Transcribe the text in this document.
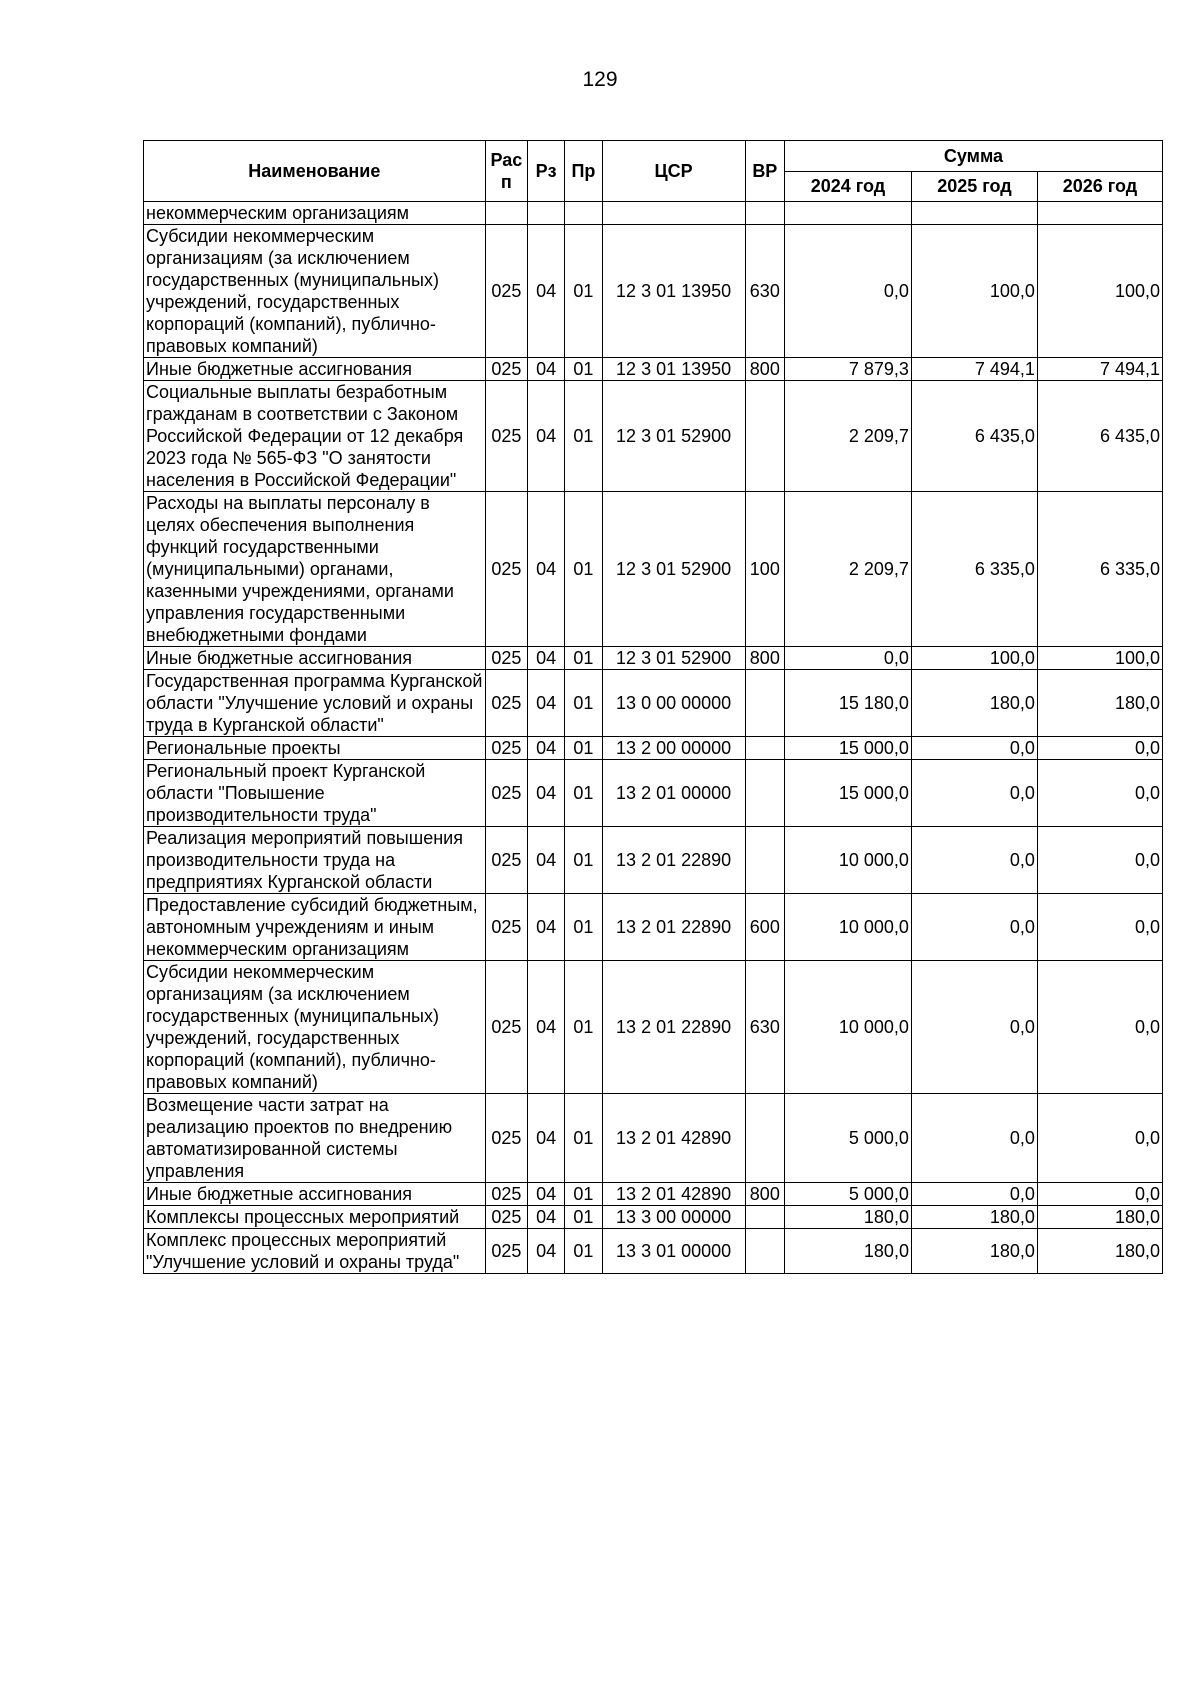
129
Наименование	Рас п	Рз	Пр	ЦСР	ВР	Сумма		
						2024 год	2025 год	2026 год
некоммерческим организациям								
Субсидии некоммерческим организациям (за исключением государственных (муниципальных) учреждений, государственных корпораций (компаний), публично-правовых компаний)	025	04	01	12 3 01 13950	630	0,0	100,0	100,0
Иные бюджетные ассигнования	025	04	01	12 3 01 13950	800	7 879,3	7 494,1	7 494,1
Социальные выплаты безработным гражданам в соответствии с Законом Российской Федерации от 12 декабря 2023 года № 565-ФЗ "О занятости населения в Российской Федерации"	025	04	01	12 3 01 52900		2 209,7	6 435,0	6 435,0
Расходы на выплаты персоналу в целях обеспечения выполнения функций государственными (муниципальными) органами, казенными учреждениями, органами управления государственными внебюджетными фондами	025	04	01	12 3 01 52900	100	2 209,7	6 335,0	6 335,0
Иные бюджетные ассигнования	025	04	01	12 3 01 52900	800	0,0	100,0	100,0
Государственная программа Курганской области "Улучшение условий и охраны труда в Курганской области"	025	04	01	13 0 00 00000		15 180,0	180,0	180,0
Региональные проекты	025	04	01	13 2 00 00000		15 000,0	0,0	0,0
Региональный проект Курганской области "Повышение производительности труда"	025	04	01	13 2 01 00000		15 000,0	0,0	0,0
Реализация мероприятий повышения производительности труда на предприятиях Курганской области	025	04	01	13 2 01 22890		10 000,0	0,0	0,0
Предоставление субсидий бюджетным, автономным учреждениям и иным некоммерческим организациям	025	04	01	13 2 01 22890	600	10 000,0	0,0	0,0
Субсидии некоммерческим организациям (за исключением государственных (муниципальных) учреждений, государственных корпораций (компаний), публично-правовых компаний)	025	04	01	13 2 01 22890	630	10 000,0	0,0	0,0
Возмещение части затрат на реализацию проектов по внедрению автоматизированной системы управления	025	04	01	13 2 01 42890		5 000,0	0,0	0,0
Иные бюджетные ассигнования	025	04	01	13 2 01 42890	800	5 000,0	0,0	0,0
Комплексы процессных мероприятий	025	04	01	13 3 00 00000		180,0	180,0	180,0
Комплекс процессных мероприятий "Улучшение условий и охраны труда"	025	04	01	13 3 01 00000		180,0	180,0	180,0
